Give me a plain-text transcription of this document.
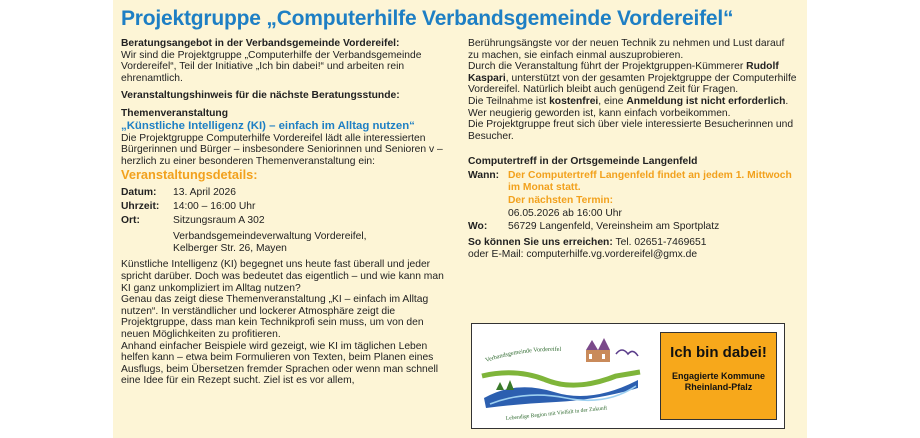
Projektgruppe „Computerhilfe Verbandsgemeinde Vordereifel“

Beratungsangebot in der Verbandsgemeinde Vordereifel:

Wir sind die Projektgruppe „Computerhilfe der Verbandsgemeinde Vordereifel“, Teil der Initiative „Ich bin dabei!“ und arbeiten rein ehrenamtlich.

Veranstaltungshinweis für die nächste Beratungsstunde:

Themenveranstaltung

„Künstliche Intelligenz (KI) – einfach im Alltag nutzen“

Die Projektgruppe Computerhilfe Vordereifel lädt alle interessierten Bürgerinnen und Bürger – insbesondere Seniorinnen und Senioren v – herzlich zu einer besonderen Themenveranstaltung ein:

Veranstaltungsdetails:

Datum:	13. April 2026
Uhrzeit:	14:00 – 16:00 Uhr
Ort:	Sitzungsraum A 302
Verbandsgemeindeverwaltung Vordereifel,
Kelberger Str. 26, Mayen

Künstliche Intelligenz (KI) begegnet uns heute fast überall und jeder spricht darüber. Doch was bedeutet das eigentlich – und wie kann man KI ganz unkompliziert im Alltag nutzen?

Genau das zeigt diese Themenveranstaltung „KI – einfach im Alltag nutzen“. In verständlicher und lockerer Atmosphäre zeigt die Projektgruppe, dass man kein Technikprofi sein muss, um von den neuen Möglichkeiten zu profitieren.

Anhand einfacher Beispiele wird gezeigt, wie KI im täglichen Leben helfen kann – etwa beim Formulieren von Texten, beim Planen eines Ausflugs, beim Übersetzen fremder Sprachen oder wenn man schnell eine Idee für ein Rezept sucht. Ziel ist es vor allem,

Berührungsängste vor der neuen Technik zu nehmen und Lust darauf zu machen, sie einfach einmal auszuprobieren.

Durch die Veranstaltung führt der Projektgruppen-Kümmerer Rudolf Kaspari, unterstützt von der gesamten Projektgruppe der Computerhilfe Vordereifel. Natürlich bleibt auch genügend Zeit für Fragen.

Die Teilnahme ist kostenfrei, eine Anmeldung ist nicht erforderlich. Wer neugierig geworden ist, kann einfach vorbeikommen.

Die Projektgruppe freut sich über viele interessierte Besucherinnen und Besucher.

Computertreff in der Ortsgemeinde Langenfeld

Wann:	Der Computertreff Langenfeld findet an jedem 1. Mittwoch im Monat statt.
	Der nächsten Termin:
	06.05.2026 ab 16:00 Uhr
Wo:	56729 Langenfeld, Vereinsheim am Sportplatz

So können Sie uns erreichen: Tel. 02651-7469651

oder E-Mail: computerhilfe.vg.vordereifel@gmx.de

Verbandsgemeinde Vordereifel
Lebendige Region mit Vielfalt in der Zukunft
Ich bin dabei!
Engagierte Kommune
Rheinland-Pfalz
